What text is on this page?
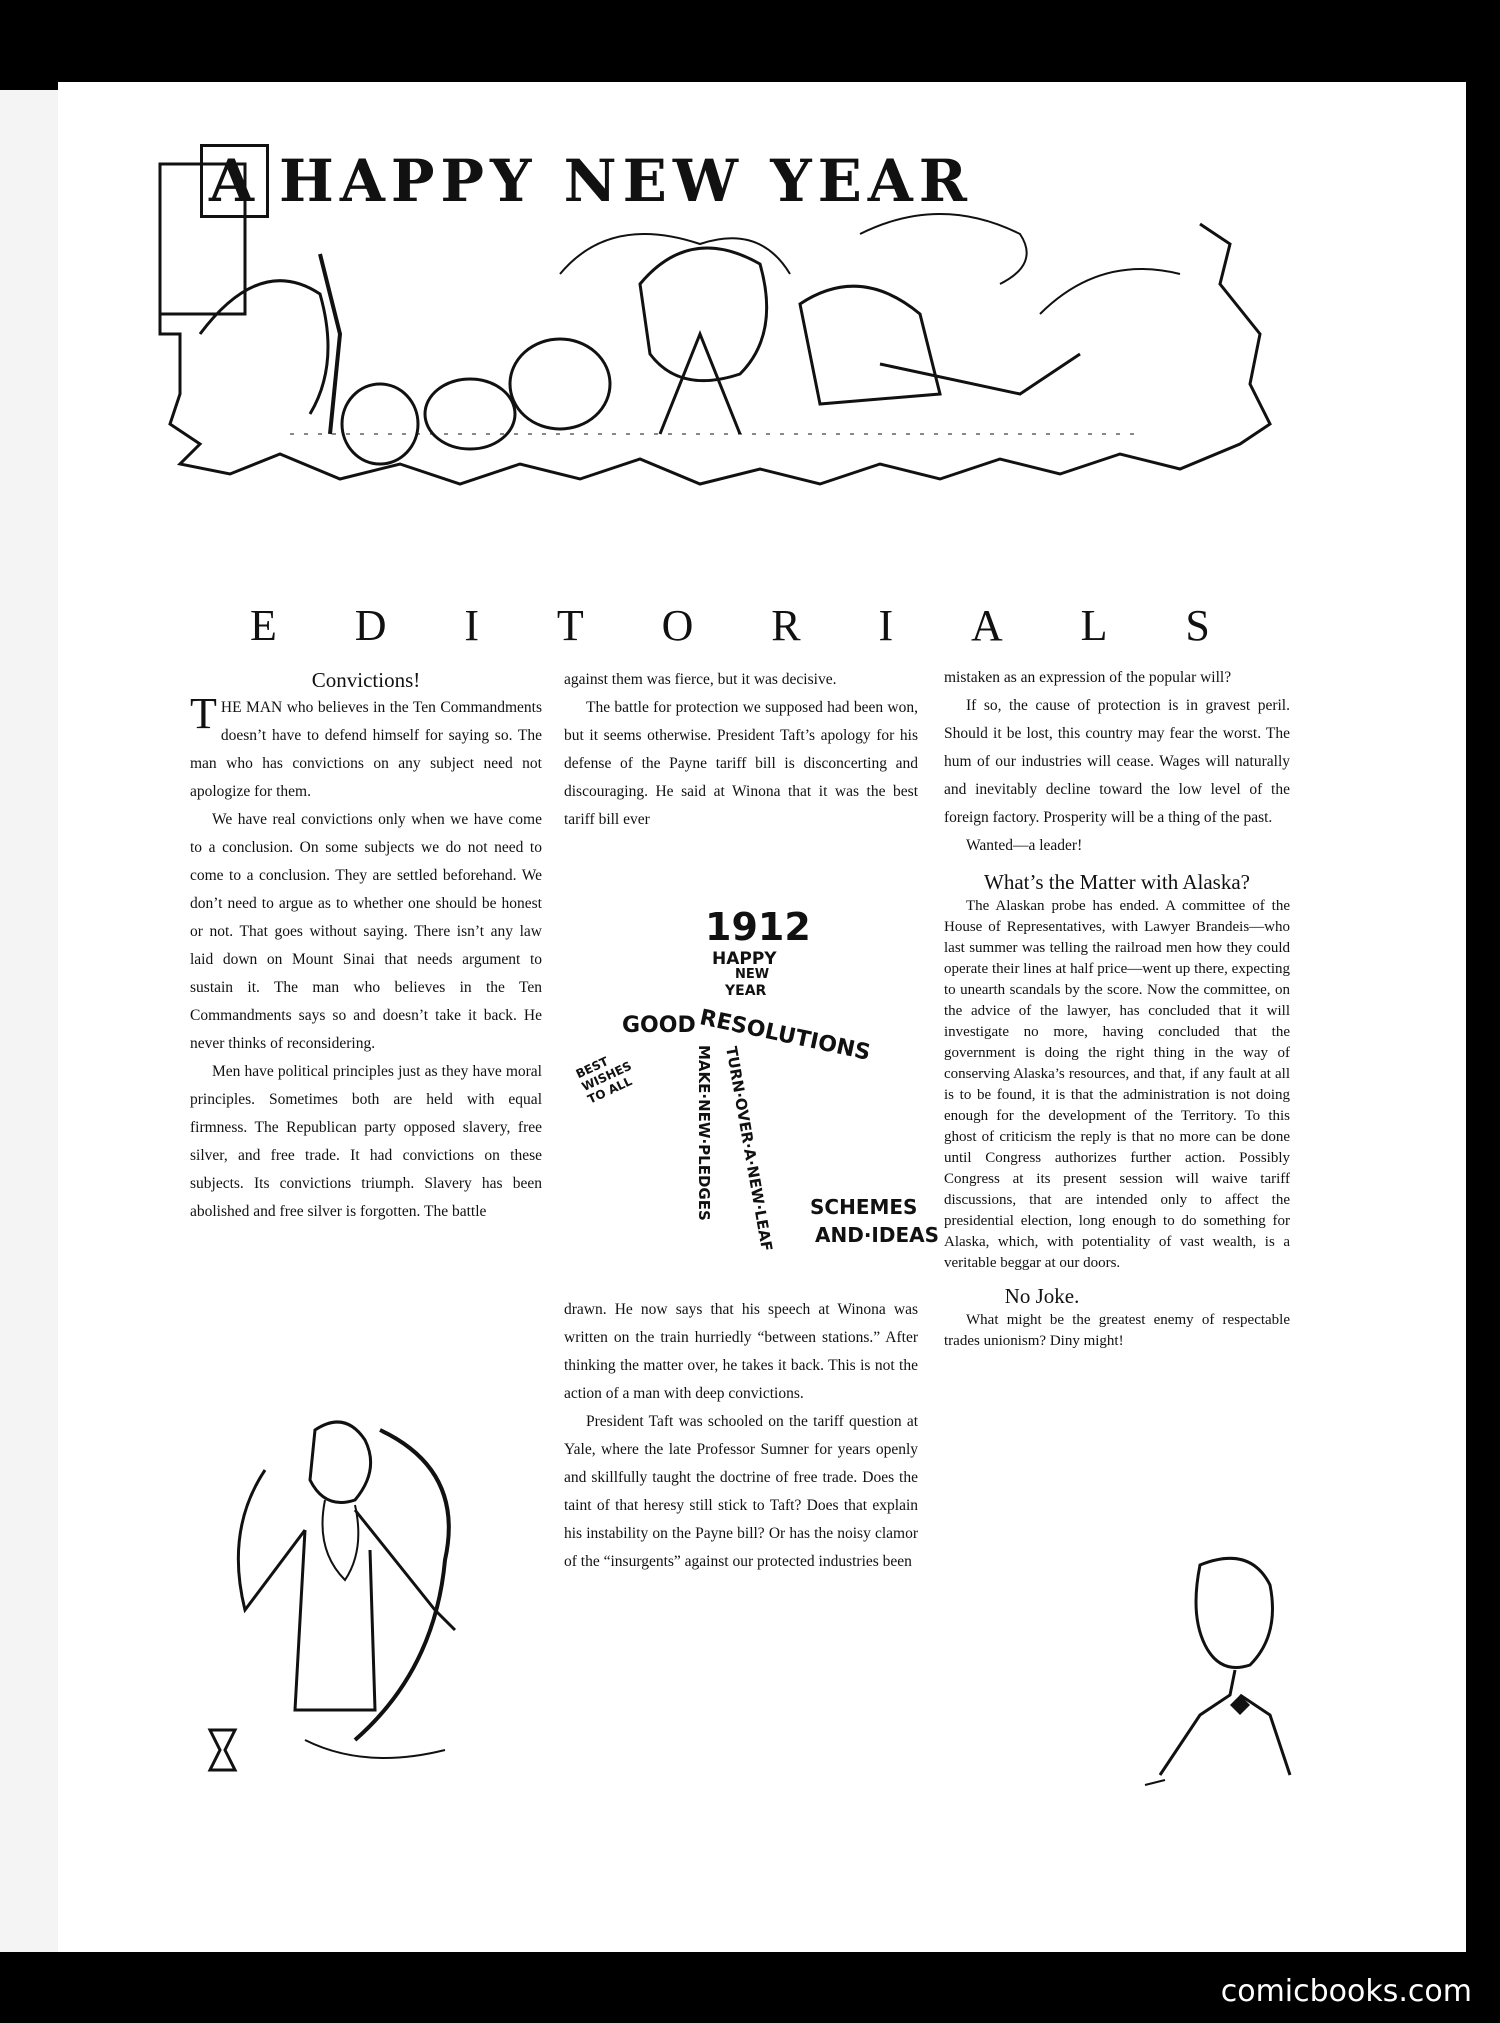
A HAPPY NEW YEAR
E D I T O R I A L S

Convictions!

THE MAN who believes in the Ten Commandments doesn’t have to defend himself for saying so. The man who has convictions on any subject need not apologize for them.

We have real convictions only when we have come to a conclusion. On some subjects we do not need to come to a conclusion. They are settled beforehand. We don’t need to argue as to whether one should be honest or not. That goes without saying. There isn’t any law laid down on Mount Sinai that needs argument to sustain it. The man who believes in the Ten Commandments says so and doesn’t take it back. He never thinks of reconsidering.

Men have political principles just as they have moral principles. Sometimes both are held with equal firmness. The Republican party opposed slavery, free silver, and free trade. It had convictions on these subjects. Its convictions triumph. Slavery has been abolished and free silver is forgotten. The battle

against them was fierce, but it was decisive.

The battle for protection we supposed had been won, but it seems otherwise. President Taft’s apology for his defense of the Payne tariff bill is disconcerting and discouraging. He said at Winona that it was the best tariff bill ever

1912
HAPPY
NEW
YEAR
GOOD RESOLUTIONS
BEST WISHES TO ALL	TURN·OVER·A·NEW·LEAF
MAKE·NEW·PLEDGES	SCHEMES
AND·IDEAS

drawn. He now says that his speech at Winona was written on the train hurriedly “between stations.” After thinking the matter over, he takes it back. This is not the action of a man with deep convictions.

President Taft was schooled on the tariff question at Yale, where the late Professor Sumner for years openly and skillfully taught the doctrine of free trade. Does the taint of that heresy still stick to Taft? Does that explain his instability on the Payne bill? Or has the noisy clamor of the “insurgents” against our protected industries been

mistaken as an expression of the popular will?

If so, the cause of protection is in gravest peril. Should it be lost, this country may fear the worst. The hum of our industries will cease. Wages will naturally and inevitably decline toward the low level of the foreign factory. Prosperity will be a thing of the past.

Wanted—a leader!

What’s the Matter with Alaska?

The Alaskan probe has ended. A committee of the House of Representatives, with Lawyer Brandeis—who last summer was telling the railroad men how they could operate their lines at half price—went up there, expecting to unearth scandals by the score. Now the committee, on the advice of the lawyer, has concluded that it will investigate no more, having concluded that the government is doing the right thing in the way of conserving Alaska’s resources, and that, if any fault at all is to be found, it is that the administration is not doing enough for the development of the Territory. To this ghost of criticism the reply is that no more can be done until Congress authorizes further action. Possibly Congress at its present session will waive tariff discussions, that are intended only to affect the presidential election, long enough to do something for Alaska, which, with potentiality of vast wealth, is a veritable beggar at our doors.

No Joke.

What might be the greatest enemy of respectable trades unionism? Diny might!

comicbooks.com
